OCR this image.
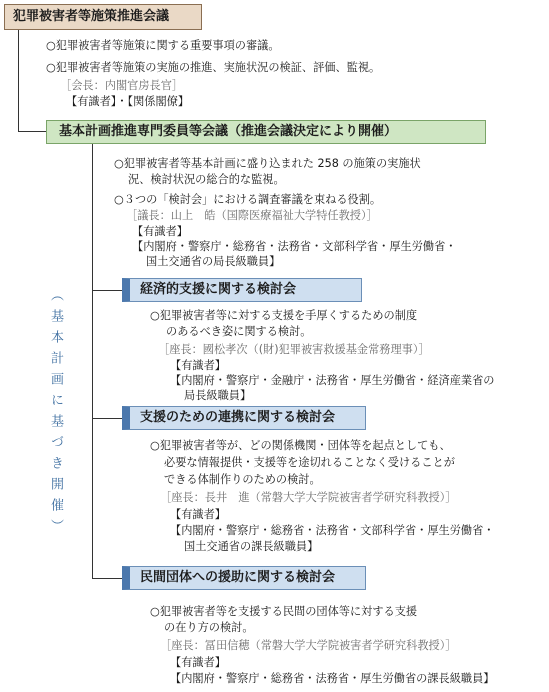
犯罪被害者等施策推進会議
○犯罪被害者等施策に関する重要事項の審議。
○犯罪被害者等施策の実施の推進、実施状況の検証、評価、監視。
［会長：内閣官房長官］
【有識者】・【関係閣僚】
基本計画推進専門委員等会議（推進会議決定により開催）
○犯罪被害者等基本計画に盛り込まれた 258 の施策の実施状
況、検討状況の総合的な監視。
○３つの「検討会」における調査審議を束ねる役割。
［議長：山上　皓（国際医療福祉大学特任教授）］
【有識者】
【内閣府・警察庁・総務省・法務省・文部科学省・厚生労働省・
国土交通省の局長級職員】
（基本計画に基づき開催）	経済的支援に関する検討会
○犯罪被害者等に対する支援を手厚くするための制度
のあるべき姿に関する検討。
［座長：國松孝次（(財)犯罪被害救援基金常務理事）］
【有識者】
【内閣府・警察庁・金融庁・法務省・厚生労働省・経済産業省の
局長級職員】
支援のための連携に関する検討会
○犯罪被害者等が、どの関係機関・団体等を起点としても、
必要な情報提供・支援等を途切れることなく受けることが
できる体制作りのための検討。
［座長：長井　進（常磐大学大学院被害者学研究科教授）］
【有識者】
【内閣府・警察庁・総務省・法務省・文部科学省・厚生労働省・
国土交通省の課長級職員】
民間団体への援助に関する検討会
○犯罪被害者等を支援する民間の団体等に対する支援
の在り方の検討。
［座長：冨田信穂（常磐大学大学院被害者学研究科教授）］
【有識者】
【内閣府・警察庁・総務省・法務省・厚生労働省の課長級職員】
